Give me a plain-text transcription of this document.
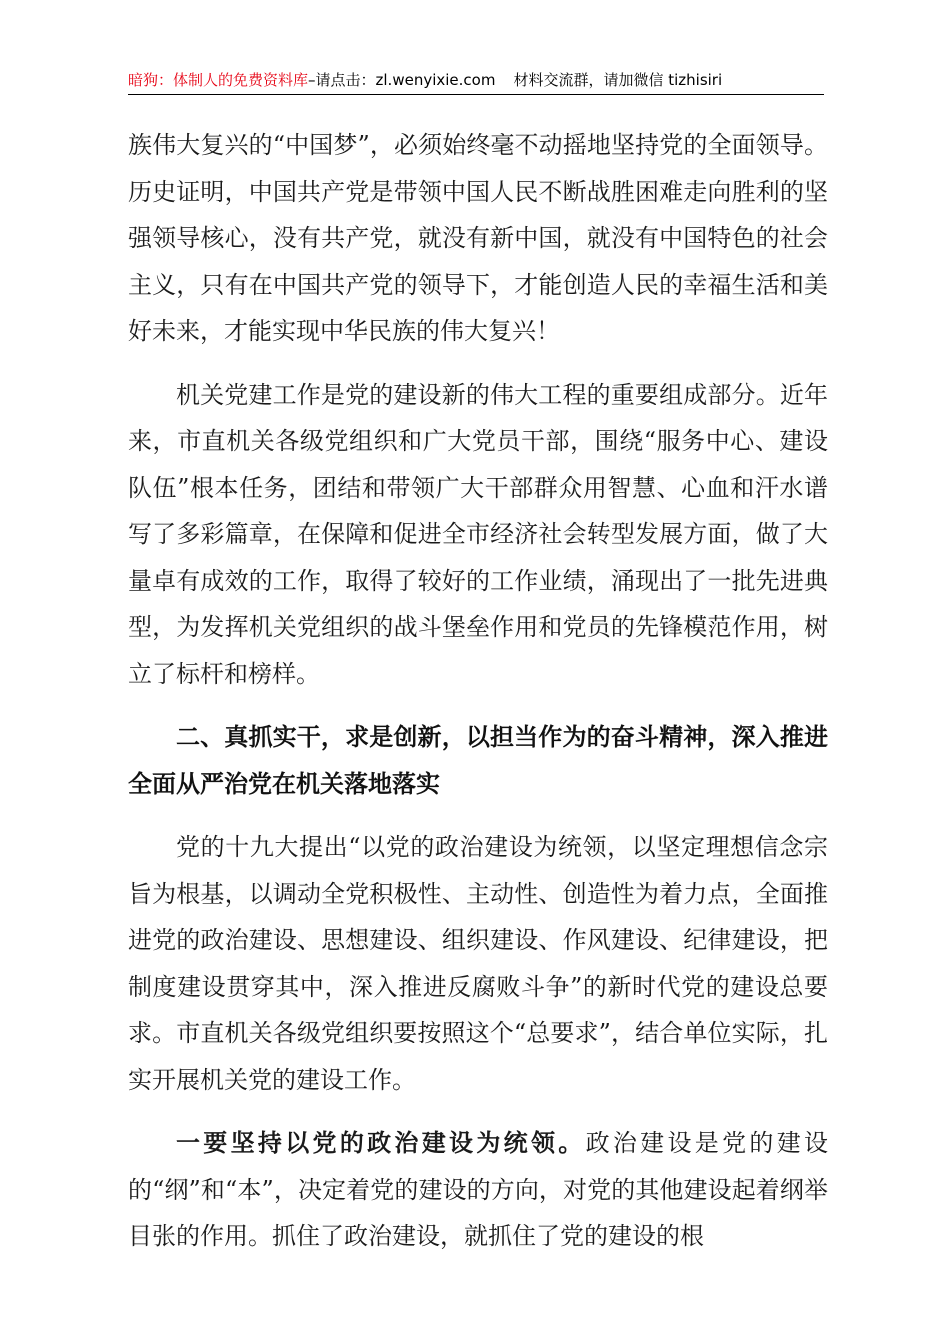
暗狗：体制人的免费资料库–请点击：zl.wenyixie.com 材料交流群，请加微信 tizhisiri

族伟大复兴的“中国梦”，必须始终毫不动摇地坚持党的全面领导。历史证明，中国共产党是带领中国人民不断战胜困难走向胜利的坚强领导核心，没有共产党，就没有新中国，就没有中国特色的社会主义，只有在中国共产党的领导下，才能创造人民的幸福生活和美好未来，才能实现中华民族的伟大复兴！

机关党建工作是党的建设新的伟大工程的重要组成部分。近年来，市直机关各级党组织和广大党员干部，围绕“服务中心、建设队伍”根本任务，团结和带领广大干部群众用智慧、心血和汗水谱写了多彩篇章，在保障和促进全市经济社会转型发展方面，做了大量卓有成效的工作，取得了较好的工作业绩，涌现出了一批先进典型，为发挥机关党组织的战斗堡垒作用和党员的先锋模范作用，树立了标杆和榜样。

二、真抓实干，求是创新，以担当作为的奋斗精神，深入推进全面从严治党在机关落地落实

党的十九大提出“以党的政治建设为统领，以坚定理想信念宗旨为根基，以调动全党积极性、主动性、创造性为着力点，全面推进党的政治建设、思想建设、组织建设、作风建设、纪律建设，把制度建设贯穿其中，深入推进反腐败斗争”的新时代党的建设总要求。市直机关各级党组织要按照这个“总要求”，结合单位实际，扎实开展机关党的建设工作。

一要坚持以党的政治建设为统领。政治建设是党的建设的“纲”和“本”，决定着党的建设的方向，对党的其他建设起着纲举目张的作用。抓住了政治建设，就抓住了党的建设的根
